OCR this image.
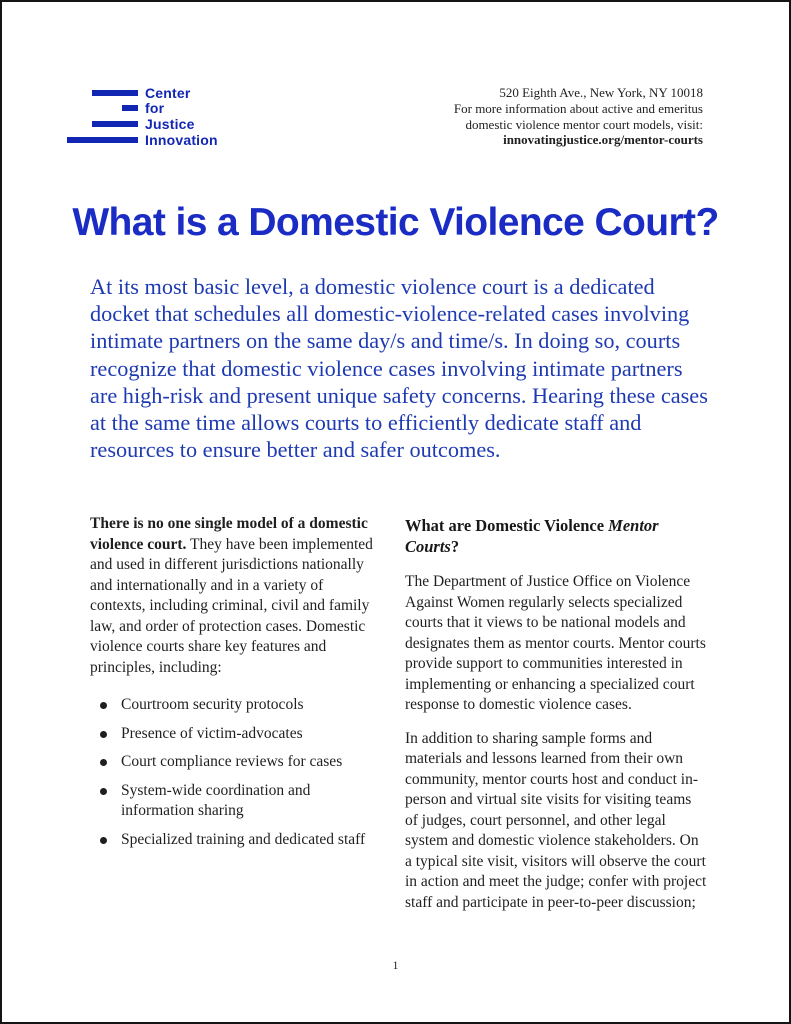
Center
for
Justice
Innovation
520 Eighth Ave., New York, NY 10018
For more information about active and emeritus
domestic violence mentor court models, visit:
innovatingjustice.org/mentor-courts
What is a Domestic Violence Court?

At its most basic level, a domestic violence court is a dedicated docket that schedules all domestic-violence-related cases involving intimate partners on the same day/s and time/s. In doing so, courts recognize that domestic violence cases involving intimate partners are high-risk and present unique safety concerns. Hearing these cases at the same time allows courts to efficiently dedicate staff and resources to ensure better and safer outcomes.

There is no one single model of a domestic violence court. They have been implemented and used in different jurisdictions nationally and internationally and in a variety of contexts, including criminal, civil and family law, and order of protection cases. Domestic violence courts share key features and principles, including:

Courtroom security protocols
Presence of victim-advocates
Court compliance reviews for cases
System-wide coordination and information sharing
Specialized training and dedicated staff
What are Domestic Violence Mentor Courts?

The Department of Justice Office on Violence Against Women regularly selects specialized courts that it views to be national models and designates them as mentor courts. Mentor courts provide support to communities interested in implementing or enhancing a specialized court response to domestic violence cases.

In addition to sharing sample forms and materials and lessons learned from their own community, mentor courts host and conduct in-person and virtual site visits for visiting teams of judges, court personnel, and other legal system and domestic violence stakeholders. On a typical site visit, visitors will observe the court in action and meet the judge; confer with project staff and participate in peer-to-peer discussion;

1
